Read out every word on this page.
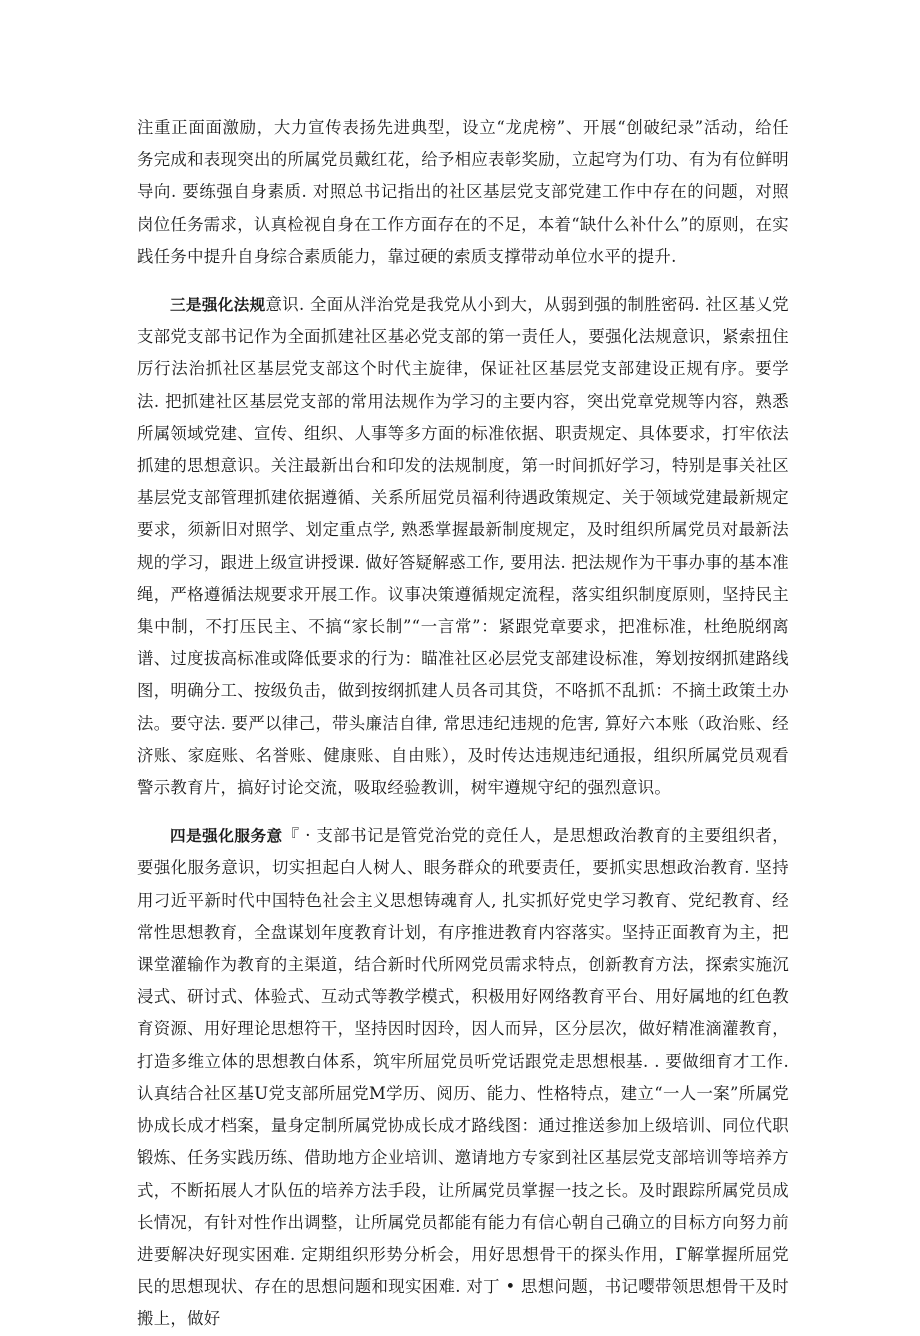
注重正面面激励，大力宣传表扬先进典型，设立“龙虎榜”、开展“创破纪录”活动，给任务完成和表现突出的所属党员戴红花，给予相应表彰奖励，立起穹为仃功、有为有位鲜明导向. 要练强自身素质. 对照总书记指出的社区基层党支部党建工作中存在的问题，对照岗位任务需求，认真检视自身在工作方面存在的不足，本着“缺什么补什么”的原则，在实践任务中提升自身综合素质能力，靠过硬的索质支撑带动单位水平的提升.

三是强化法规意识. 全面从泮治党是我党从小到大，从弱到强的制胜密码. 社区基乂党支部党支部书记作为全面抓建社区基必党支部的第一责任人，要强化法规意识，紧索扭住厉行法治抓社区基层党支部这个时代主旋律，保证社区基层党支部建设正规有序。要学法. 把抓建社区基层党支部的常用法规作为学习的主要内容，突出党章党规等内容，熟悉所属领域党建、宣传、组织、人事等多方面的标准依据、职责规定、具体要求，打牢依法抓建的思想意识。关注最新出台和印发的法规制度，第一时间抓好学习，特别是事关社区基层党支部管理抓建依据遵循、关系所屈党员福利待遇政策规定、关于领域党建最新规定要求，须新旧对照学、划定重点学, 熟悉掌握最新制度规定，及时组织所属党员对最新法规的学习，跟进上级宣讲授课. 做好答疑解惑工作, 要用法. 把法规作为干事办事的基本准绳，严格遵循法规要求开展工作。议事决策遵循规定流程，落实组织制度原则，坚持民主集中制，不打压民主、不搞“家长制”“一言常”：紧跟党章要求，把准标准，杜绝脱纲离谱、过度拔高标准或降低要求的行为：瞄准社区必层党支部建设标准，筹划按纲抓建路线图，明确分工、按级负击，做到按纲抓建人员各司其贷，不咯抓不乱抓：不摘土政策土办法。要守法. 要严以律己，带头廉洁自律, 常思违纪违规的危害, 算好六本账（政治账、经济账、家庭账、名誉账、健康账、自由账），及时传达违规违纪通报，组织所属党员观看警示教育片，搞好讨论交流，吸取经验教训，树牢遵规守纪的强烈意识。

四是强化服务意『 · 支部书记是管党治党的竞任人，是思想政治教育的主要组织者，要强化服务意识，切实担起白人树人、眼务群众的玳要责任，要抓实思想政治教育. 坚持用刁近平新时代中国特色社会主义思想铸魂育人, 扎实抓好党史学习教育、党纪教育、经常性思想教育，全盘谋划年度教育计划，有序推进教育内容落实。坚持正面教育为主，把课堂灌输作为教育的主渠道，结合新时代所网党员需求特点，创新教育方法，探索实施沉浸式、研讨式、体验式、互动式等教学模式，积极用好网络教育平台、用好属地的红色教育资源、用好理论思想符干，坚持因时因玲，因人而异，区分层次，做好精准滴灌教育，打造多维立体的思想教白体系，筑牢所屈党员听党话跟党走思想根基. . 要做细育才工作. 认真结合社区基U党支部所屈党M学历、阅历、能力、性格特点，建立“一人一案”所属党协成长成才档案，量身定制所属党协成长成才路线图：通过推送参加上级培训、同位代职锻炼、任务实践历练、借助地方企业培训、邀请地方专家到社区基层党支部培训等培养方式，不断拓展人才队伍的培养方法手段，让所属党员掌握一技之长。及时跟踪所属党员成长情况，有针对性作出调整，让所属党员都能有能力有信心朝自己确立的目标方向努力前进要解决好现实困难. 定期组织形势分析会，用好思想骨干的探头作用，Γ解掌握所屈党民的思想现状、存在的思想问题和现实困难. 对丁 • 思想问题，书记嘤带领思想骨干及时搬上，做好
